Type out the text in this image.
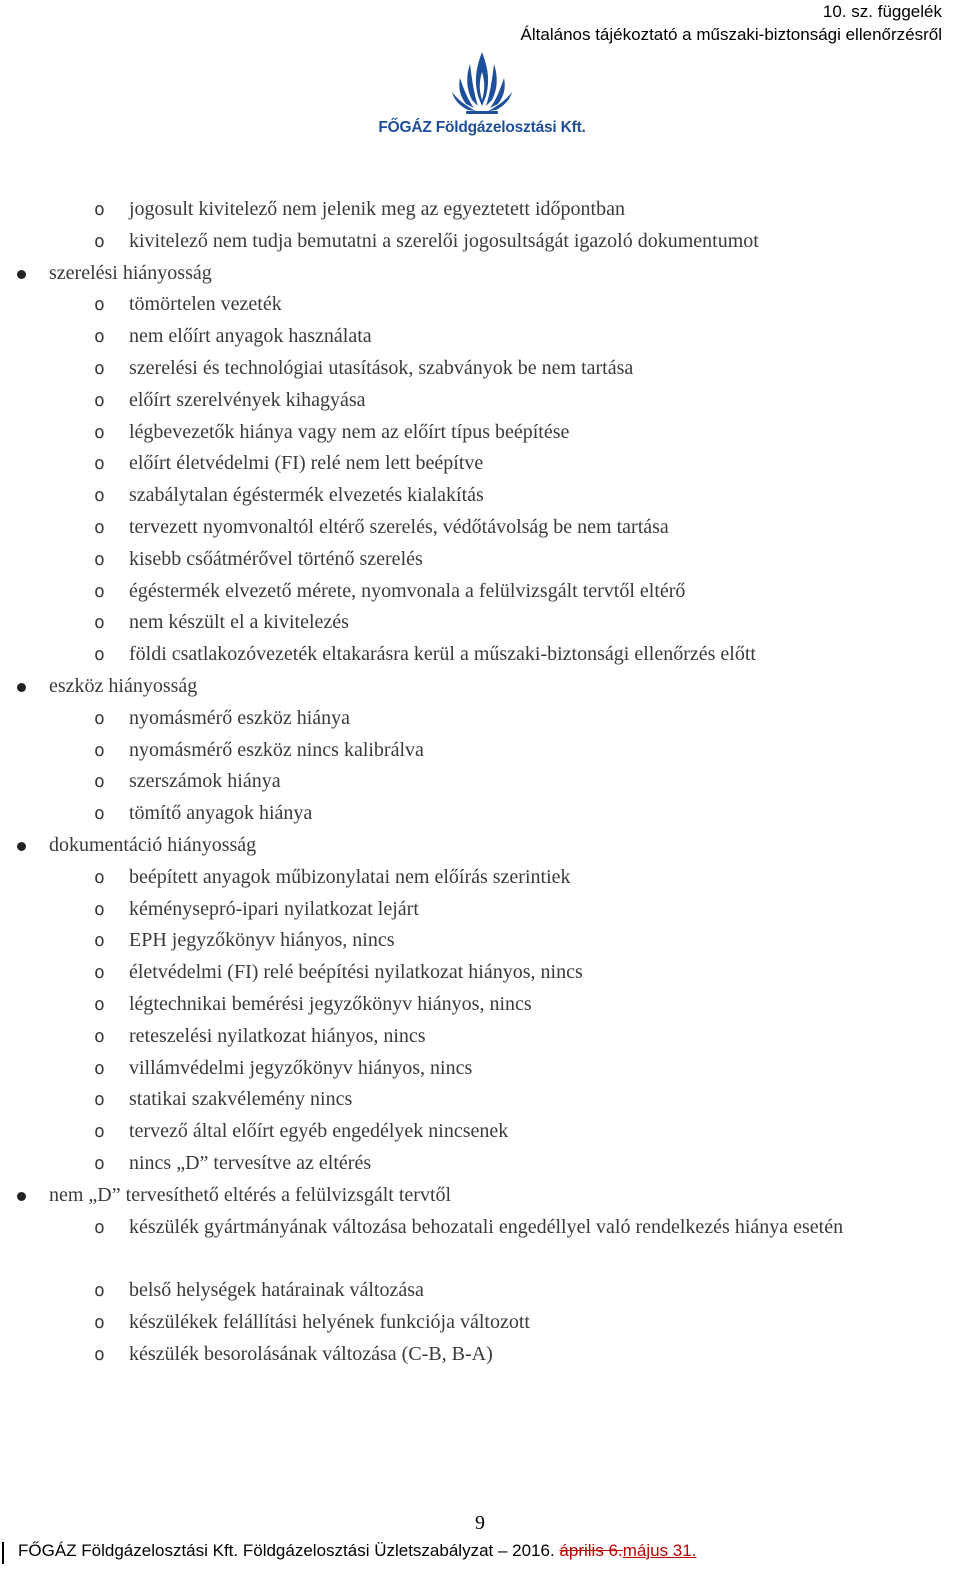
10. sz. függelék
Általános tájékoztató a műszaki-biztonsági ellenőrzésről
FŐGÁZ Földgázelosztási Kft.
o jogosult kivitelező nem jelenik meg az egyeztetett időpontban
o kivitelező nem tudja bemutatni a szerelői jogosultságát igazoló dokumentumot
szerelési hiányosság
o tömörtelen vezeték
o nem előírt anyagok használata
o szerelési és technológiai utasítások, szabványok be nem tartása
o előírt szerelvények kihagyása
o légbevezetők hiánya vagy nem az előírt típus beépítése
o előírt életvédelmi (FI) relé nem lett beépítve
o szabálytalan égéstermék elvezetés kialakítás
o tervezett nyomvonaltól eltérő szerelés, védőtávolság be nem tartása
o kisebb csőátmérővel történő szerelés
o égéstermék elvezető mérete, nyomvonala a felülvizsgált tervtől eltérő
o nem készült el a kivitelezés
o földi csatlakozóvezeték eltakarásra kerül a műszaki-biztonsági ellenőrzés előtt
eszköz hiányosság
o nyomásmérő eszköz hiánya
o nyomásmérő eszköz nincs kalibrálva
o szerszámok hiánya
o tömítő anyagok hiánya
dokumentáció hiányosság
o beépített anyagok műbizonylatai nem előírás szerintiek
o kéménysepró-ipari nyilatkozat lejárt
o EPH jegyzőkönyv hiányos, nincs
o életvédelmi (FI) relé beépítési nyilatkozat hiányos, nincs
o légtechnikai bemérési jegyzőkönyv hiányos, nincs
o reteszelési nyilatkozat hiányos, nincs
o villámvédelmi jegyzőkönyv hiányos, nincs
o statikai szakvélemény nincs
o tervező által előírt egyéb engedélyek nincsenek
o nincs „D” tervesítve az eltérés
nem „D” tervesíthető eltérés a felülvizsgált tervtől
o készülék gyártmányának változása behozatali engedéllyel való rendelkezés hiánya esetén
o belső helységek határainak változása
o készülékek felállítási helyének funkciója változott
o készülék besorolásának változása (C-B, B-A)
9
FŐGÁZ Földgázelosztási Kft. Földgázelosztási Üzletszabályzat – 2016. április 6.május 31.
